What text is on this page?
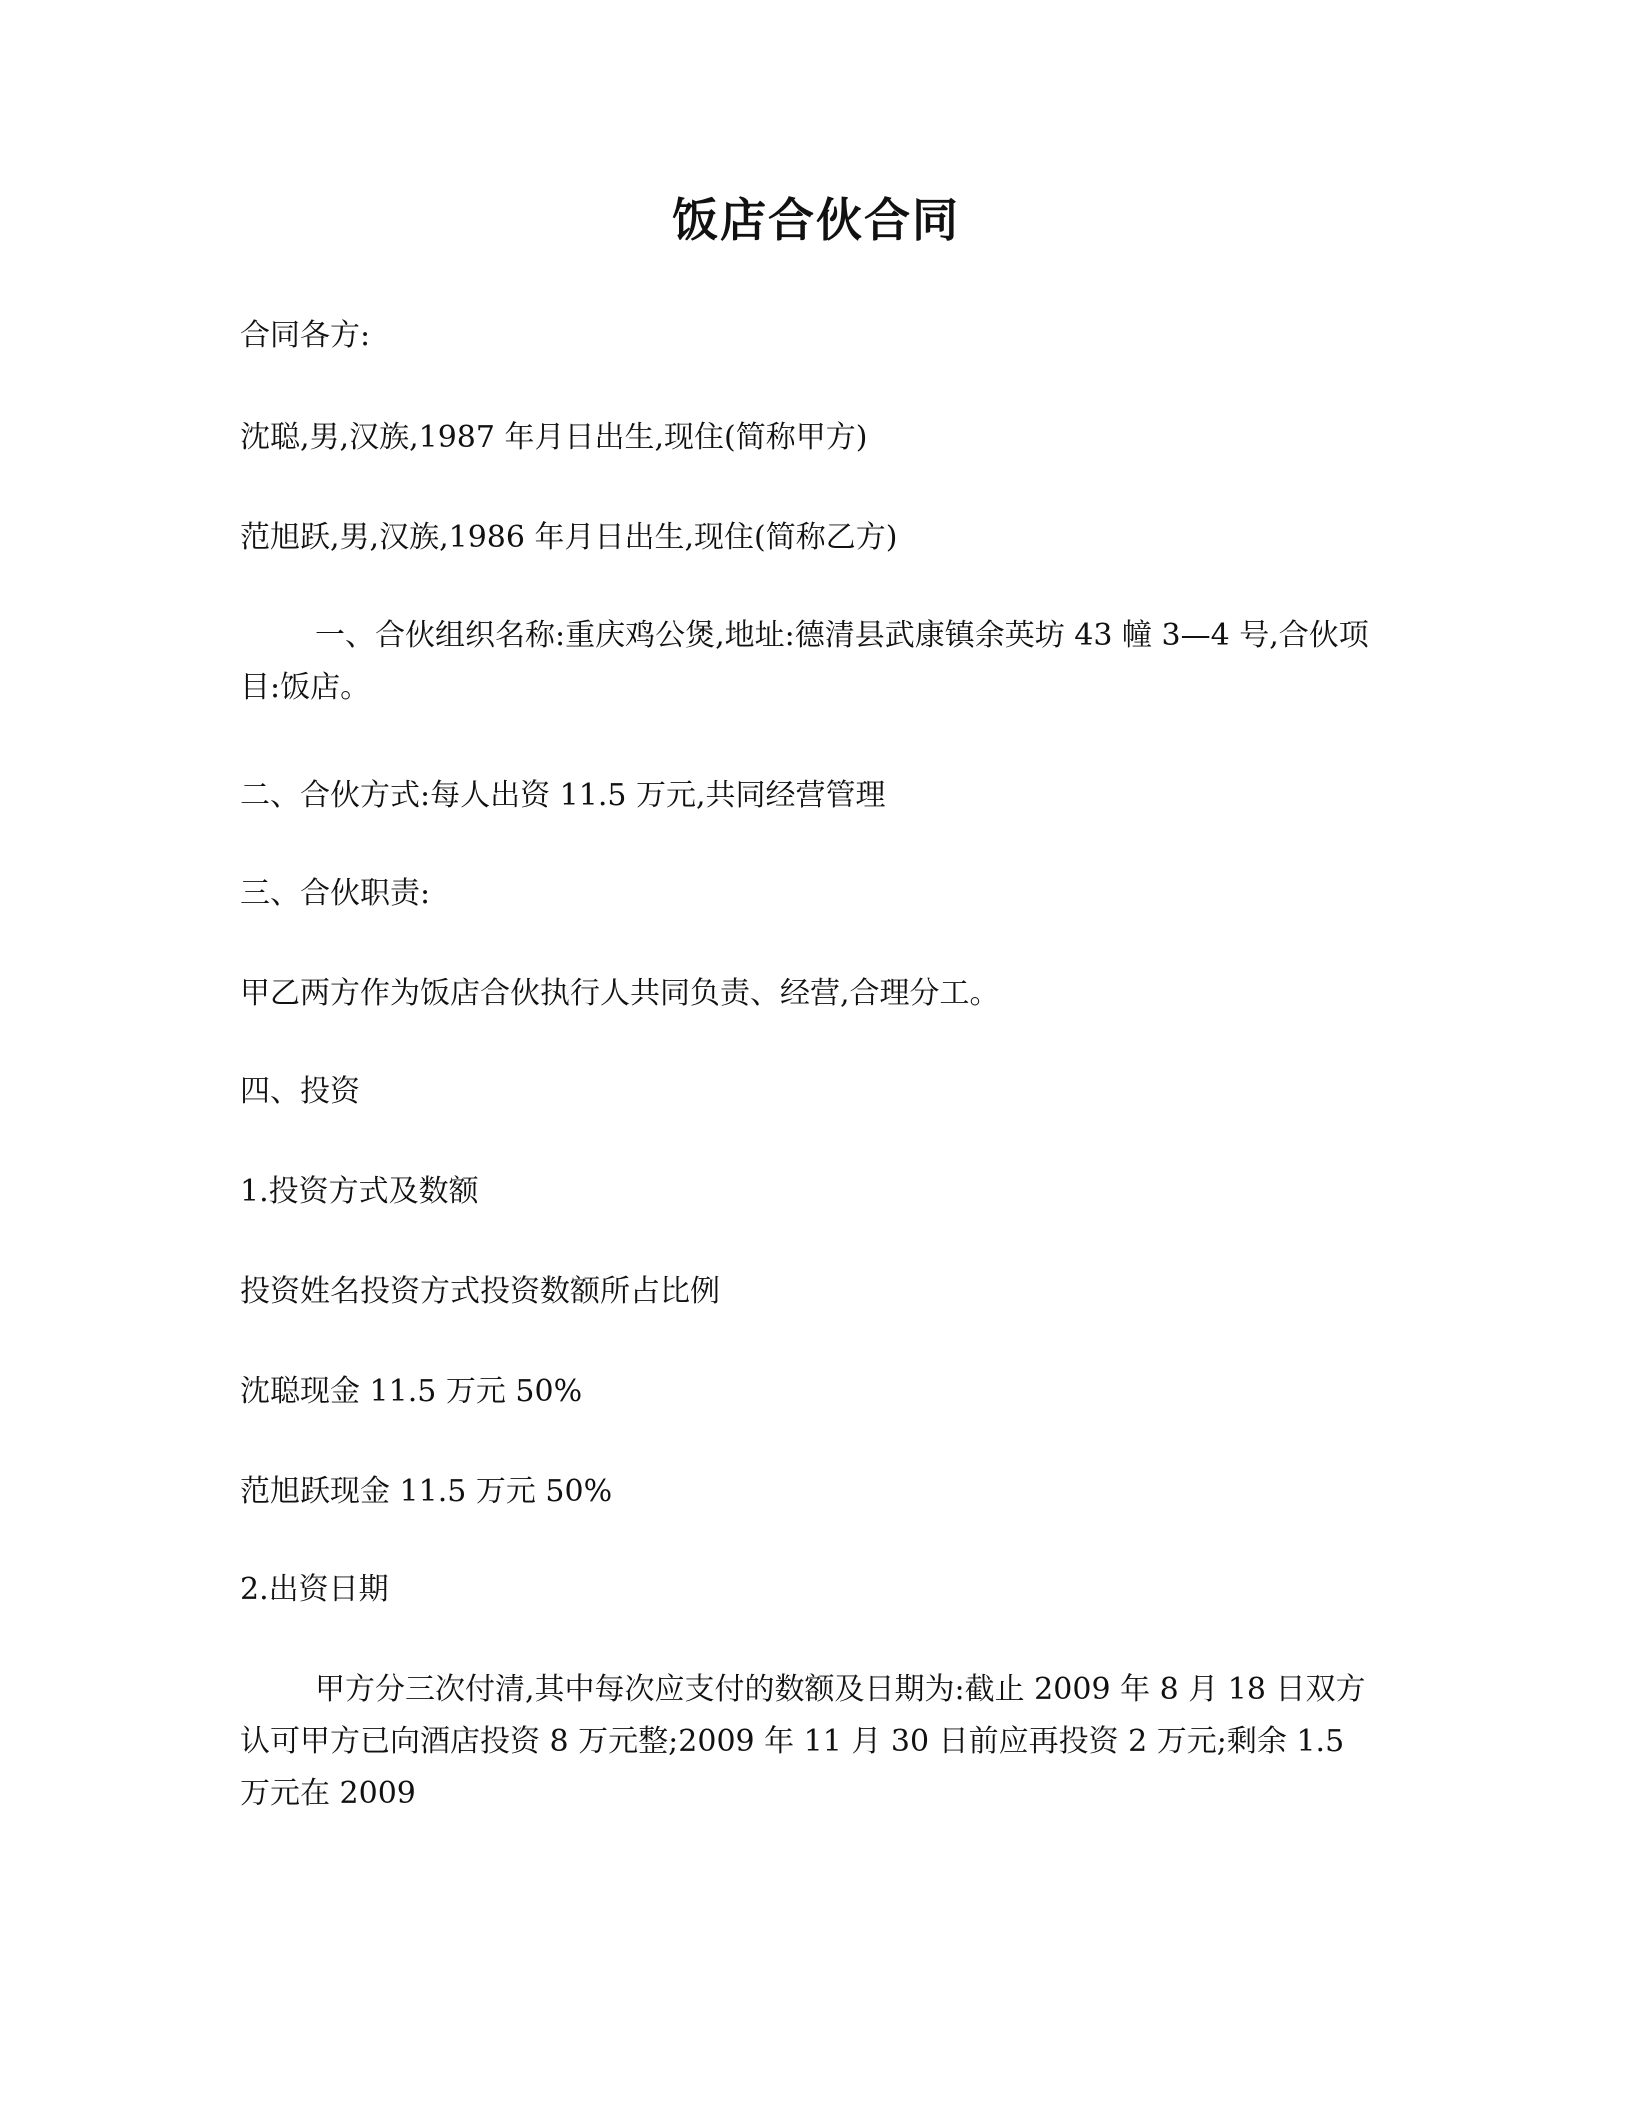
饭店合伙合同
合同各方:
沈聪,男,汉族,1987 年月日出生,现住(简称甲方)
范旭跃,男,汉族,1986 年月日出生,现住(简称乙方)
一、合伙组织名称:重庆鸡公煲,地址:德清县武康镇余英坊 43 幢 3—4 号,合伙项目:饭店。
二、合伙方式:每人出资 11.5 万元,共同经营管理
三、合伙职责:
甲乙两方作为饭店合伙执行人共同负责、经营,合理分工。
四、投资
1.投资方式及数额
投资姓名投资方式投资数额所占比例
沈聪现金 11.5 万元 50%
范旭跃现金 11.5 万元 50%
2.出资日期
甲方分三次付清,其中每次应支付的数额及日期为:截止 2009 年 8 月 18 日双方认可甲方已向酒店投资 8 万元整;2009 年 11 月 30 日前应再投资 2 万元;剩余 1.5 万元在 2009
